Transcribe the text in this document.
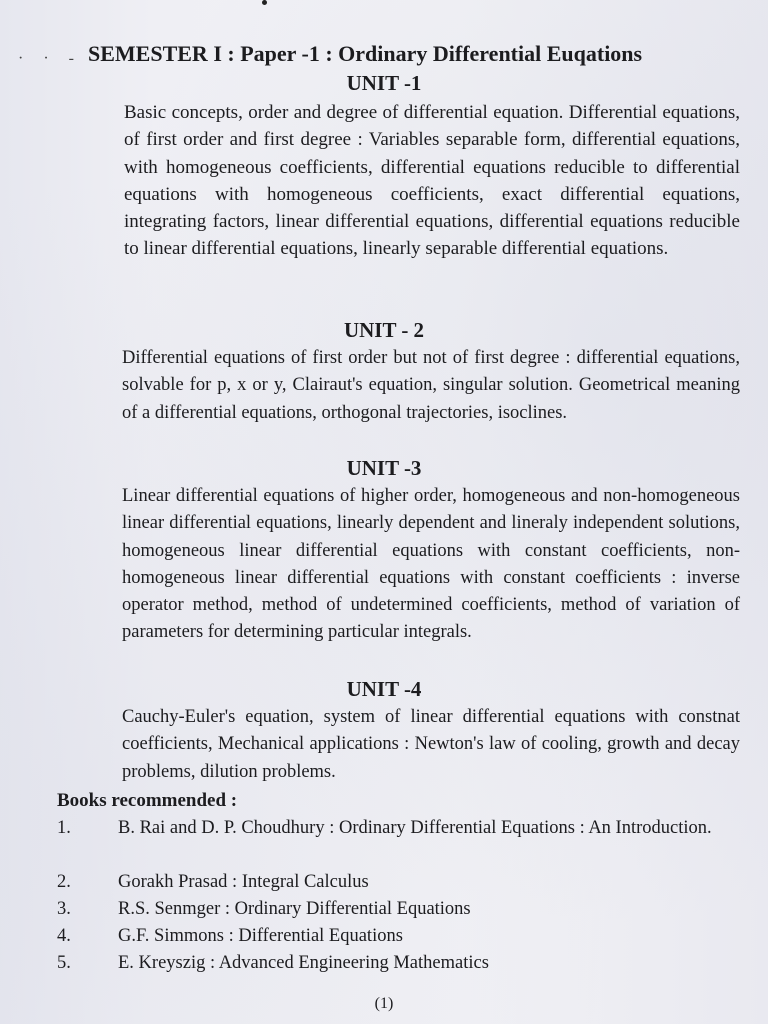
· · - SEMESTER I : Paper -1 : Ordinary Differential Euqations
UNIT -1
Basic concepts, order and degree of differential equation. Differential equations, of first order and first degree : Variables separable form, differential equations, with homogeneous coefficients, differential equations reducible to differential equations with homogeneous coefficients, exact differential equations, integrating factors, linear differential equations, differential equations reducible to linear differential equations, linearly separable differential equations.
UNIT - 2
Differential equations of first order but not of first degree : differential equations, solvable for p, x or y, Clairaut's equation, singular solution. Geometrical meaning of a differential equations, orthogonal trajectories, isoclines.
UNIT -3
Linear differential equations of higher order, homogeneous and non-homogeneous linear differential equations, linearly dependent and lineraly independent solutions, homogeneous linear differential equations with constant coefficients, non-homogeneous linear differential equations with constant coefficients : inverse operator method, method of undetermined coefficients, method of variation of parameters for determining particular integrals.
UNIT -4
Cauchy-Euler's equation, system of linear differential equations with constnat coefficients, Mechanical applications : Newton's law of cooling, growth and decay problems, dilution problems.
Books recommended :
1.	B. Rai and D. P. Choudhury : Ordinary Differential Equations : An Introduction.
2.	Gorakh Prasad : Integral Calculus
3.	R.S. Senmger : Ordinary Differential Equations
4.	G.F. Simmons : Differential Equations
5.	E. Kreyszig : Advanced Engineering Mathematics
(1)
